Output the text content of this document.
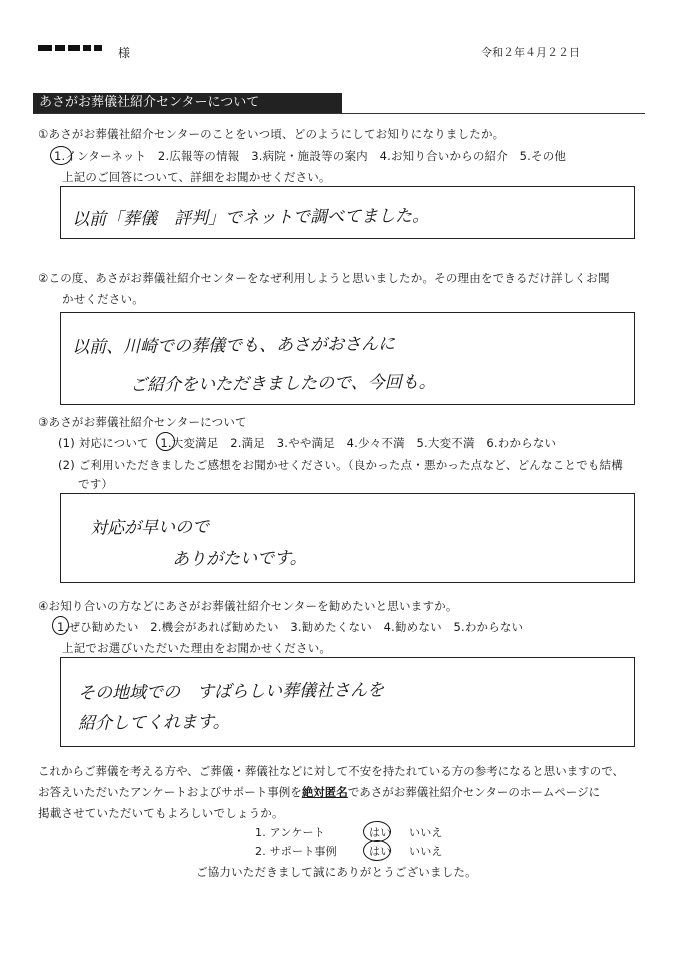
様	令和２年４月２２日
あさがお葬儀社紹介センターについて
①あさがお葬儀社紹介センターのことをいつ頃、どのようにしてお知りになりましたか。
1.インターネット　2.広報等の情報　3.病院・施設等の案内　4.お知り合いからの紹介　5.その他
上記のご回答について、詳細をお聞かせください。
以前「葬儀　評判」でネットで調べてました。
②この度、あさがお葬儀社紹介センターをなぜ利用しようと思いましたか。その理由をできるだけ詳しくお聞
かせください。
以前、川崎での葬儀でも、あさがおさんに
ご紹介をいただきましたので、今回も。
③あさがお葬儀社紹介センターについて
(1) 対応について　1.大変満足　2.満足　3.やや満足　4.少々不満　5.大変不満　6.わからない
(2) ご利用いただきましたご感想をお聞かせください。（良かった点・悪かった点など、どんなことでも結構
です）
対応が早いので
ありがたいです。
④お知り合いの方などにあさがお葬儀社紹介センターを勧めたいと思いますか。
1.ぜひ勧めたい　2.機会があれば勧めたい　3.勧めたくない　4.勧めない　5.わからない
上記でお選びいただいた理由をお聞かせください。
その地域での　すばらしい葬儀社さんを
紹介してくれます。
これからご葬儀を考える方や、ご葬儀・葬儀社などに対して不安を持たれている方の参考になると思いますので、
お答えいただいたアンケートおよびサポート事例を絶対匿名であさがお葬儀社紹介センターのホームページに
掲載させていただいてもよろしいでしょうか。
1. アンケート	はい いいえ
2. サポート事例	はい いいえ
ご協力いただきまして誠にありがとうございました。
